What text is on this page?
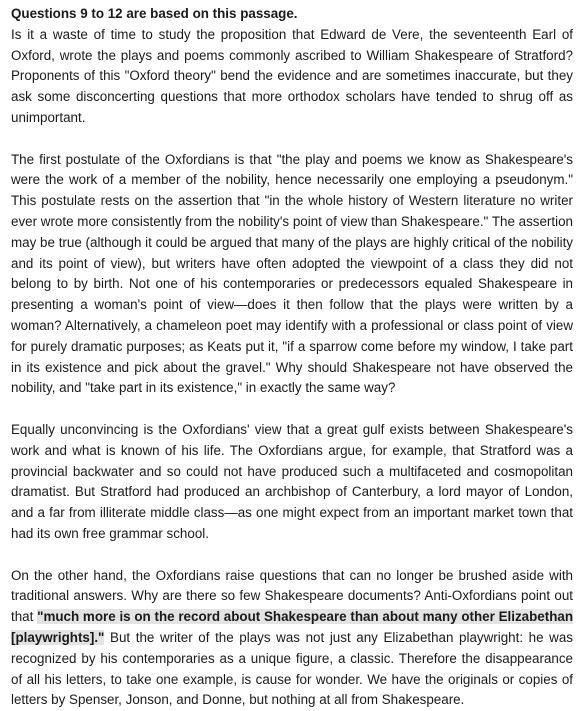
Questions 9 to 12 are based on this passage.

Is it a waste of time to study the proposition that Edward de Vere, the seventeenth Earl of Oxford, wrote the plays and poems commonly ascribed to William Shakespeare of Stratford? Proponents of this "Oxford theory" bend the evidence and are sometimes inaccurate, but they ask some disconcerting questions that more orthodox scholars have tended to shrug off as unimportant.

The first postulate of the Oxfordians is that "the play and poems we know as Shakespeare's were the work of a member of the nobility, hence necessarily one employing a pseudonym." This postulate rests on the assertion that "in the whole history of Western literature no writer ever wrote more consistently from the nobility's point of view than Shakespeare." The assertion may be true (although it could be argued that many of the plays are highly critical of the nobility and its point of view), but writers have often adopted the viewpoint of a class they did not belong to by birth. Not one of his contemporaries or predecessors equaled Shakespeare in presenting a woman's point of view—does it then follow that the plays were written by a woman? Alternatively, a chameleon poet may identify with a professional or class point of view for purely dramatic purposes; as Keats put it, "if a sparrow come before my window, I take part in its existence and pick about the gravel." Why should Shakespeare not have observed the nobility, and "take part in its existence," in exactly the same way?

Equally unconvincing is the Oxfordians' view that a great gulf exists between Shakespeare's work and what is known of his life. The Oxfordians argue, for example, that Stratford was a provincial backwater and so could not have produced such a multifaceted and cosmopolitan dramatist. But Stratford had produced an archbishop of Canterbury, a lord mayor of London, and a far from illiterate middle class—as one might expect from an important market town that had its own free grammar school.

On the other hand, the Oxfordians raise questions that can no longer be brushed aside with traditional answers. Why are there so few Shakespeare documents? Anti-Oxfordians point out that "much more is on the record about Shakespeare than about many other Elizabethan [playwrights]." But the writer of the plays was not just any Elizabethan playwright: he was recognized by his contemporaries as a unique figure, a classic. Therefore the disappearance of all his letters, to take one example, is cause for wonder. We have the originals or copies of letters by Spenser, Jonson, and Donne, but nothing at all from Shakespeare.
